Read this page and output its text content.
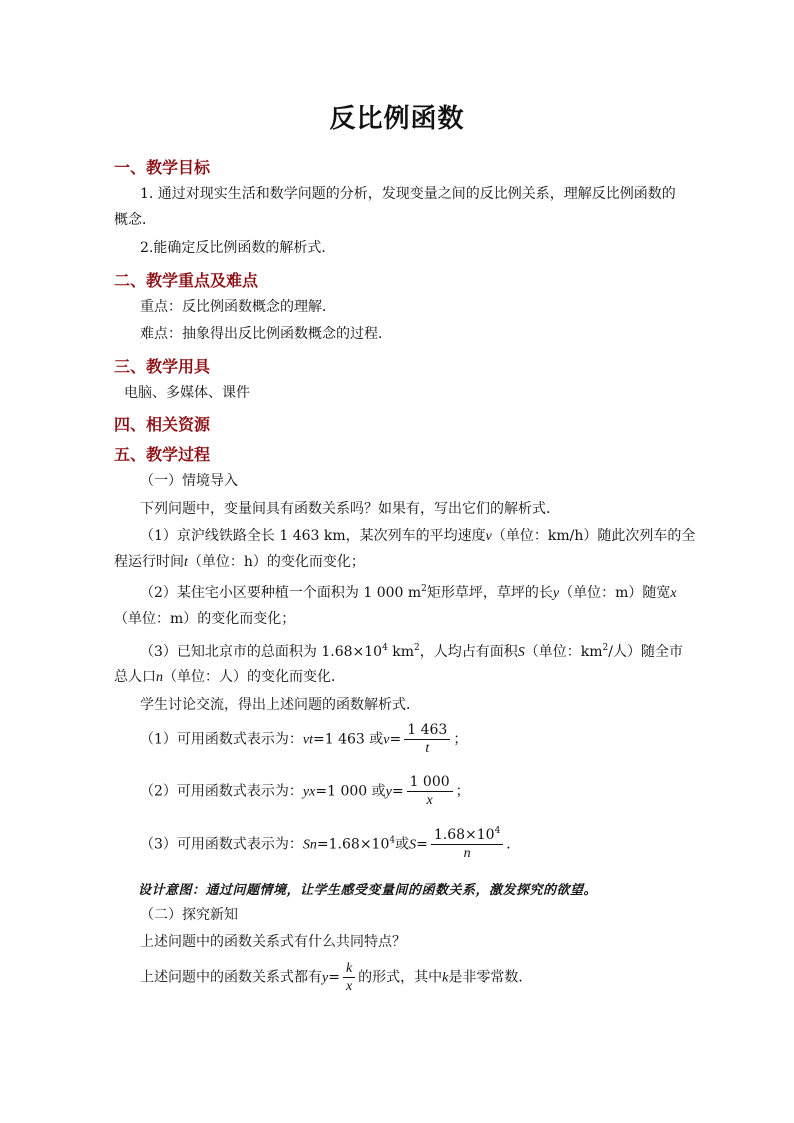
反比例函数
一、教学目标
1. 通过对现实生活和数学问题的分析，发现变量之间的反比例关系，理解反比例函数的
概念．
2.能确定反比例函数的解析式．
二、教学重点及难点
重点：反比例函数概念的理解．
难点：抽象得出反比例函数概念的过程．
三、教学用具
电脑、多媒体、课件
四、相关资源
五、教学过程
（一）情境导入
下列问题中，变量间具有函数关系吗？如果有，写出它们的解析式．
（1）京沪线铁路全长 1 463 km，某次列车的平均速度v（单位：km/h）随此次列车的全
程运行时间t（单位：h）的变化而变化；
（2）某住宅小区要种植一个面积为 1 000 $m^2$矩形草坪，草坪的长y（单位：m）随宽x
（单位：m）的变化而变化；
（3）已知北京市的总面积为 $1.68\times 10^4$ $km^2$，人均占有面积S（单位：$km^2/$人）随全市
总人口n（单位：人）的变化而变化．
学生讨论交流，得出上述问题的函数解析式．
（1）可用函数式表示为：vt=1 463 或$v= \frac{1 463}{t}$ ；
（2）可用函数式表示为：yx=1 000 或$y= \frac{1 000}{x}$ ；
（3）可用函数式表示为：$Sn=1.68\times 10^4$或$S= \frac{1.68\times 10^4}{n}$ ．
设计意图：通过问题情境，让学生感受变量间的函数关系，激发探究的欲望。
（二）探究新知
上述问题中的函数关系式有什么共同特点？
上述问题中的函数关系式都有$y= \frac{k}{x}$ 的形式，其中k是非零常数．
